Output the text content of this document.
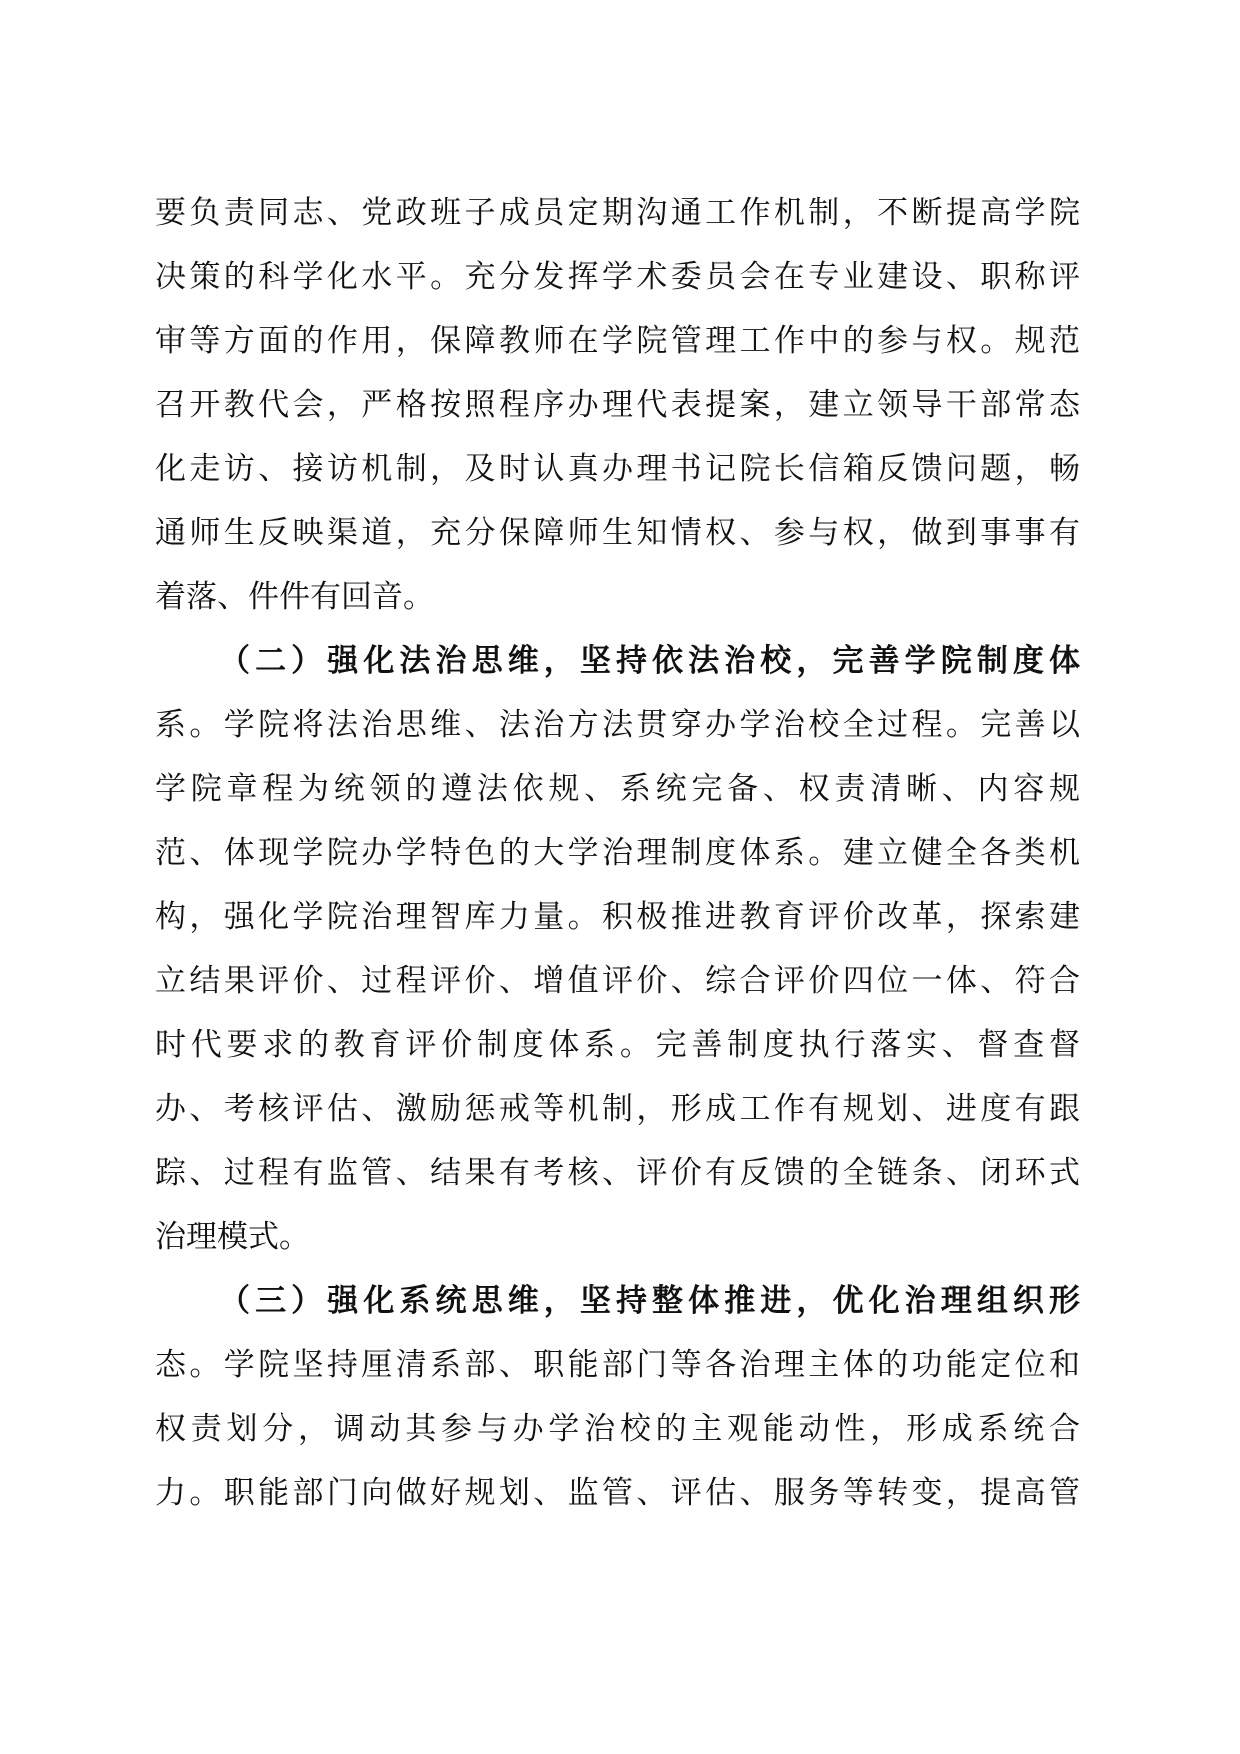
要负责同志、党政班子成员定期沟通工作机制，不断提高学院
决策的科学化水平。充分发挥学术委员会在专业建设、职称评
审等方面的作用，保障教师在学院管理工作中的参与权。规范
召开教代会，严格按照程序办理代表提案，建立领导干部常态
化走访、接访机制，及时认真办理书记院长信箱反馈问题，畅
通师生反映渠道，充分保障师生知情权、参与权，做到事事有
着落、件件有回音。
（二）强化法治思维，坚持依法治校，完善学院制度体
系。学院将法治思维、法治方法贯穿办学治校全过程。完善以
学院章程为统领的遵法依规、系统完备、权责清晰、内容规
范、体现学院办学特色的大学治理制度体系。建立健全各类机
构，强化学院治理智库力量。积极推进教育评价改革，探索建
立结果评价、过程评价、增值评价、综合评价四位一体、符合
时代要求的教育评价制度体系。完善制度执行落实、督查督
办、考核评估、激励惩戒等机制，形成工作有规划、进度有跟
踪、过程有监管、结果有考核、评价有反馈的全链条、闭环式
治理模式。
（三）强化系统思维，坚持整体推进，优化治理组织形
态。学院坚持厘清系部、职能部门等各治理主体的功能定位和
权责划分，调动其参与办学治校的主观能动性，形成系统合
力。职能部门向做好规划、监管、评估、服务等转变，提高管
